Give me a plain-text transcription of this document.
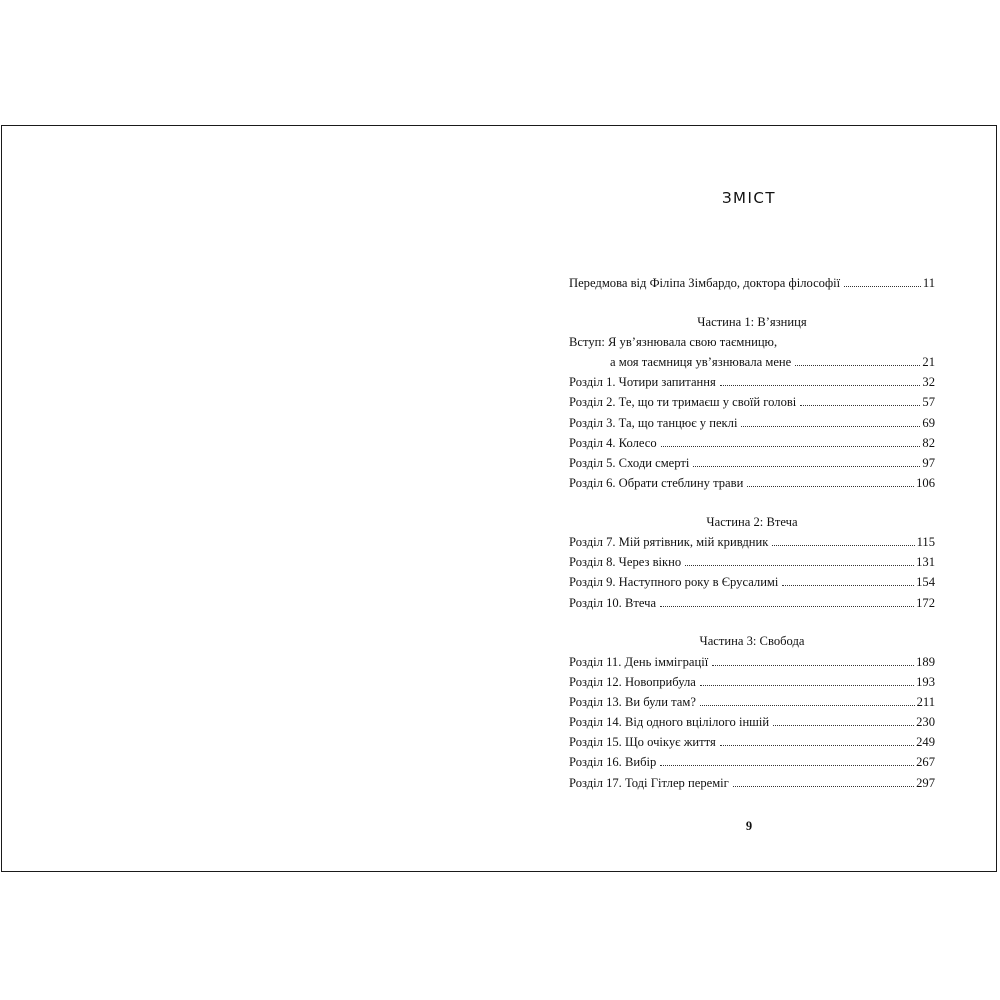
ЗМІСТ
Передмова від Філіпа Зімбардо, доктора філософії	11
Частина 1: В’язниця
Вступ: Я ув’язнювала свою таємницю,
а моя таємниця ув’язнювала мене	21
Розділ 1. Чотири запитання	32
Розділ 2. Те, що ти тримаєш у своїй голові	57
Розділ 3. Та, що танцює у пеклі	69
Розділ 4. Колесо	82
Розділ 5. Сходи смерті	97
Розділ 6. Обрати стеблину трави	106
Частина 2: Втеча
Розділ 7. Мій рятівник, мій кривдник	115
Розділ 8. Через вікно	131
Розділ 9. Наступного року в Єрусалимі	154
Розділ 10. Втеча	172
Частина 3: Свобода
Розділ 11. День імміграції	189
Розділ 12. Новоприбула	193
Розділ 13. Ви були там?	211
Розділ 14. Від одного вцілілого іншій	230
Розділ 15. Що очікує життя	249
Розділ 16. Вибір	267
Розділ 17. Тоді Гітлер переміг	297
9
